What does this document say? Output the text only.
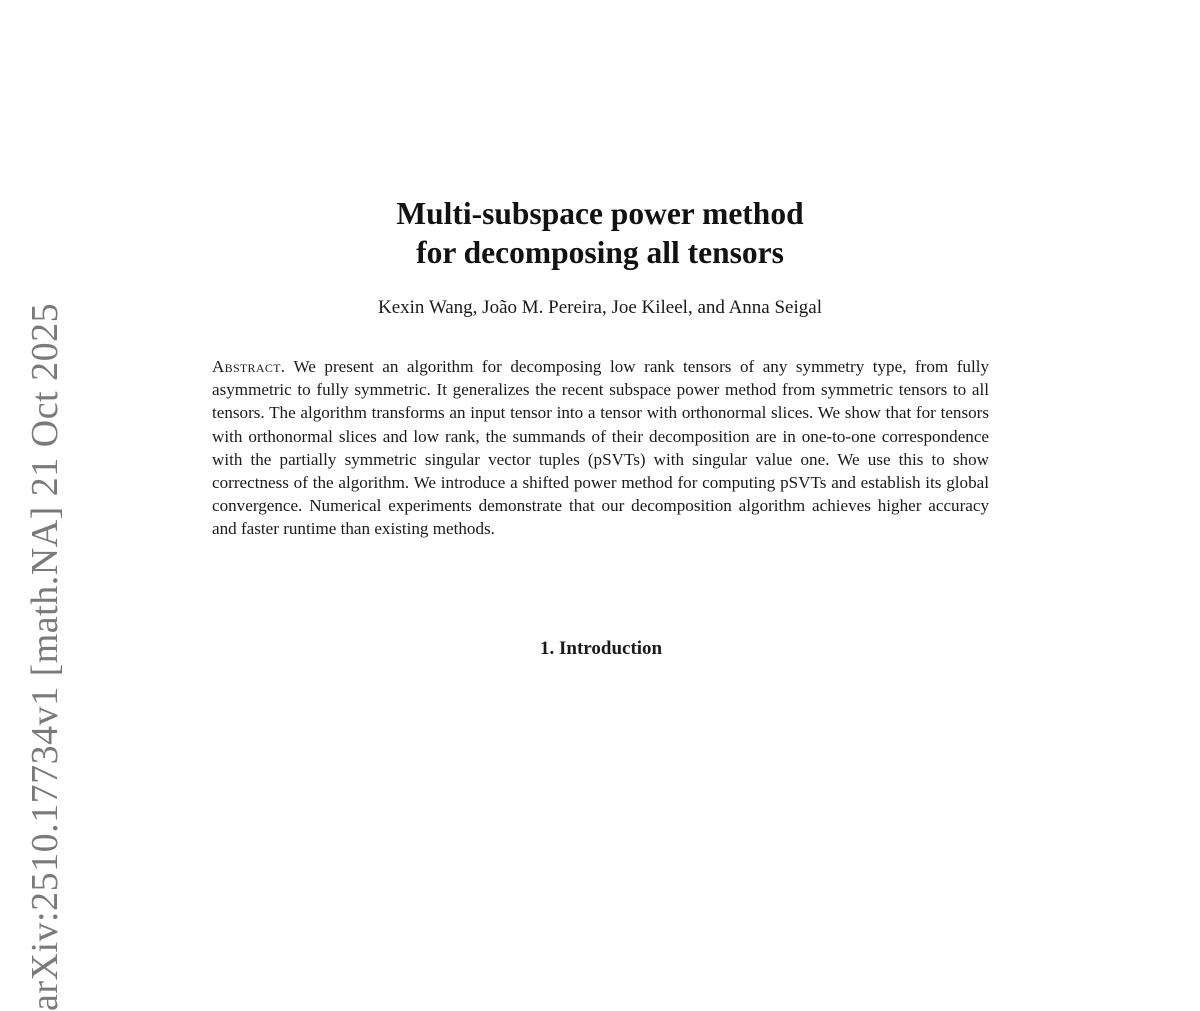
arXiv:2510.17734v1 [math.NA] 21 Oct 2025
Multi-subspace power method
for decomposing all tensors
Kexin Wang, João M. Pereira, Joe Kileel, and Anna Seigal
Abstract. We present an algorithm for decomposing low rank tensors of any symmetry type, from fully asymmetric to fully symmetric. It generalizes the recent subspace power method from symmetric tensors to all tensors. The algorithm transforms an input tensor into a tensor with orthonormal slices. We show that for tensors with orthonormal slices and low rank, the summands of their decomposition are in one-to-one correspondence with the partially symmetric singular vector tuples (pSVTs) with singular value one. We use this to show correctness of the algorithm. We introduce a shifted power method for computing pSVTs and establish its global convergence. Numerical experiments demonstrate that our decomposition algorithm achieves higher accuracy and faster runtime than existing methods.
1. Introduction
